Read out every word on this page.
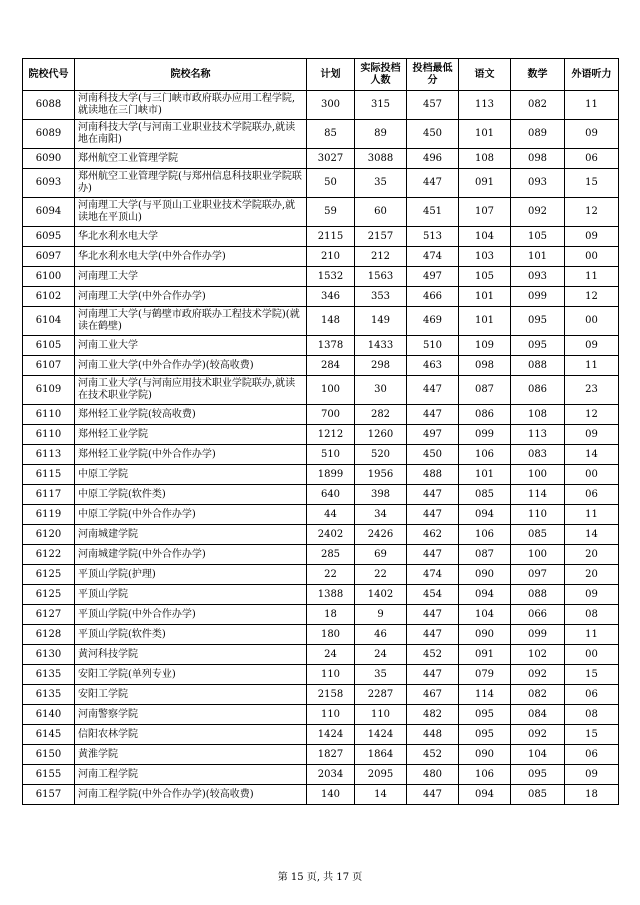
院校代号	院校名称	计划	实际投档人数	投档最低分	语文	数学	外语听力
6088	河南科技大学(与三门峡市政府联办应用工程学院,就读地在三门峡市)	300	315	457	113	082	11
6089	河南科技大学(与河南工业职业技术学院联办,就读地在南阳)	85	89	450	101	089	09
6090	郑州航空工业管理学院	3027	3088	496	108	098	06
6093	郑州航空工业管理学院(与郑州信息科技职业学院联办)	50	35	447	091	093	15
6094	河南理工大学(与平顶山工业职业技术学院联办,就读地在平顶山)	59	60	451	107	092	12
6095	华北水利水电大学	2115	2157	513	104	105	09
6097	华北水利水电大学(中外合作办学)	210	212	474	103	101	00
6100	河南理工大学	1532	1563	497	105	093	11
6102	河南理工大学(中外合作办学)	346	353	466	101	099	12
6104	河南理工大学(与鹤壁市政府联办工程技术学院)(就读在鹤壁)	148	149	469	101	095	00
6105	河南工业大学	1378	1433	510	109	095	09
6107	河南工业大学(中外合作办学)(较高收费)	284	298	463	098	088	11
6109	河南工业大学(与河南应用技术职业学院联办,就读在技术职业学院)	100	30	447	087	086	23
6110	郑州轻工业学院(较高收费)	700	282	447	086	108	12
6110	郑州轻工业学院	1212	1260	497	099	113	09
6113	郑州轻工业学院(中外合作办学)	510	520	450	106	083	14
6115	中原工学院	1899	1956	488	101	100	00
6117	中原工学院(软件类)	640	398	447	085	114	06
6119	中原工学院(中外合作办学)	44	34	447	094	110	11
6120	河南城建学院	2402	2426	462	106	085	14
6122	河南城建学院(中外合作办学)	285	69	447	087	100	20
6125	平顶山学院(护理)	22	22	474	090	097	20
6125	平顶山学院	1388	1402	454	094	088	09
6127	平顶山学院(中外合作办学)	18	9	447	104	066	08
6128	平顶山学院(软件类)	180	46	447	090	099	11
6130	黄河科技学院	24	24	452	091	102	00
6135	安阳工学院(单列专业)	110	35	447	079	092	15
6135	安阳工学院	2158	2287	467	114	082	06
6140	河南警察学院	110	110	482	095	084	08
6145	信阳农林学院	1424	1424	448	095	092	15
6150	黄淮学院	1827	1864	452	090	104	06
6155	河南工程学院	2034	2095	480	106	095	09
6157	河南工程学院(中外合作办学)(较高收费)	140	14	447	094	085	18
第 15 页, 共 17 页
